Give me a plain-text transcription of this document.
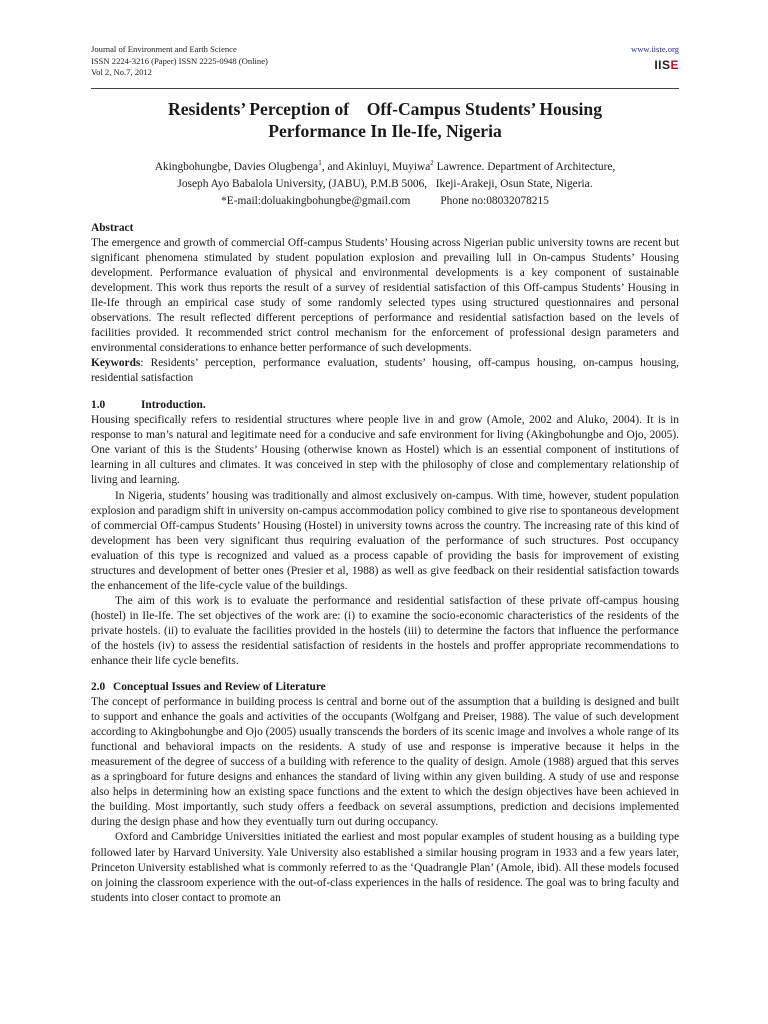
Journal of Environment and Earth Science
ISSN 2224-3216 (Paper) ISSN 2225-0948 (Online)
Vol 2, No.7, 2012
www.iiste.org
IISE
Residents’ Perception of    Off-Campus Students’ Housing
Performance In Ile-Ife, Nigeria
Akingbohungbe, Davies Olugbenga$^1$, and Akinluyi, Muyiwa$^2$ Lawrence. Department of Architecture,
Joseph Ayo Babalola University, (JABU), P.M.B 5006,   Ikeji-Arakeji, Osun State, Nigeria.
*E-mail:doluakingbohungbe@gmail.com	Phone no:08032078215
Abstract

The emergence and growth of commercial Off-campus Students’ Housing across Nigerian public university towns are recent but significant phenomena stimulated by student population explosion and prevailing lull in On-campus Students’ Housing development. Performance evaluation of physical and environmental developments is a key component of sustainable development. This work thus reports the result of a survey of residential satisfaction of this Off-campus Students’ Housing in Ile-Ife through an empirical case study of some randomly selected types using structured questionnaires and personal observations. The result reflected different perceptions of performance and residential satisfaction based on the levels of facilities provided. It recommended strict control mechanism for the enforcement of professional design parameters and environmental considerations to enhance better performance of such developments.

Keywords: Residents’ perception, performance evaluation, students’ housing, off-campus housing, on-campus housing, residential satisfaction

1.0	Introduction.

Housing specifically refers to residential structures where people live in and grow (Amole, 2002 and Aluko, 2004). It is in response to man’s natural and legitimate need for a conducive and safe environment for living (Akingbohungbe and Ojo, 2005). One variant of this is the Students’ Housing (otherwise known as Hostel) which is an essential component of institutions of learning in all cultures and climates. It was conceived in step with the philosophy of close and complementary relationship of living and learning.

In Nigeria, students’ housing was traditionally and almost exclusively on-campus. With time, however, student population explosion and paradigm shift in university on-campus accommodation policy combined to give rise to spontaneous development of commercial Off-campus Students’ Housing (Hostel) in university towns across the country. The increasing rate of this kind of development has been very significant thus requiring evaluation of the performance of such structures. Post occupancy evaluation of this type is recognized and valued as a process capable of providing the basis for improvement of existing structures and development of better ones (Presier et al, 1988) as well as give feedback on their residential satisfaction towards the enhancement of the life-cycle value of the buildings.

The aim of this work is to evaluate the performance and residential satisfaction of these private off-campus housing (hostel) in Ile-Ife. The set objectives of the work are: (i) to examine the socio-economic characteristics of the residents of the private hostels. (ii) to evaluate the facilities provided in the hostels (iii) to determine the factors that influence the performance of the hostels (iv) to assess the residential satisfaction of residents in the hostels and proffer appropriate recommendations to enhance their life cycle benefits.

2.0 Conceptual Issues and Review of Literature

The concept of performance in building process is central and borne out of the assumption that a building is designed and built to support and enhance the goals and activities of the occupants (Wolfgang and Preiser, 1988). The value of such development according to Akingbohungbe and Ojo (2005) usually transcends the borders of its scenic image and involves a whole range of its functional and behavioral impacts on the residents. A study of use and response is imperative because it helps in the measurement of the degree of success of a building with reference to the quality of design. Amole (1988) argued that this serves as a springboard for future designs and enhances the standard of living within any given building. A study of use and response also helps in determining how an existing space functions and the extent to which the design objectives have been achieved in the building. Most importantly, such study offers a feedback on several assumptions, prediction and decisions implemented during the design phase and how they eventually turn out during occupancy.

Oxford and Cambridge Universities initiated the earliest and most popular examples of student housing as a building type followed later by Harvard University. Yale University also established a similar housing program in 1933 and a few years later, Princeton University established what is commonly referred to as the ‘Quadrangle Plan’ (Amole, ibid). All these models focused on joining the classroom experience with the out-of-class experiences in the halls of residence. The goal was to bring faculty and students into closer contact to promote an
